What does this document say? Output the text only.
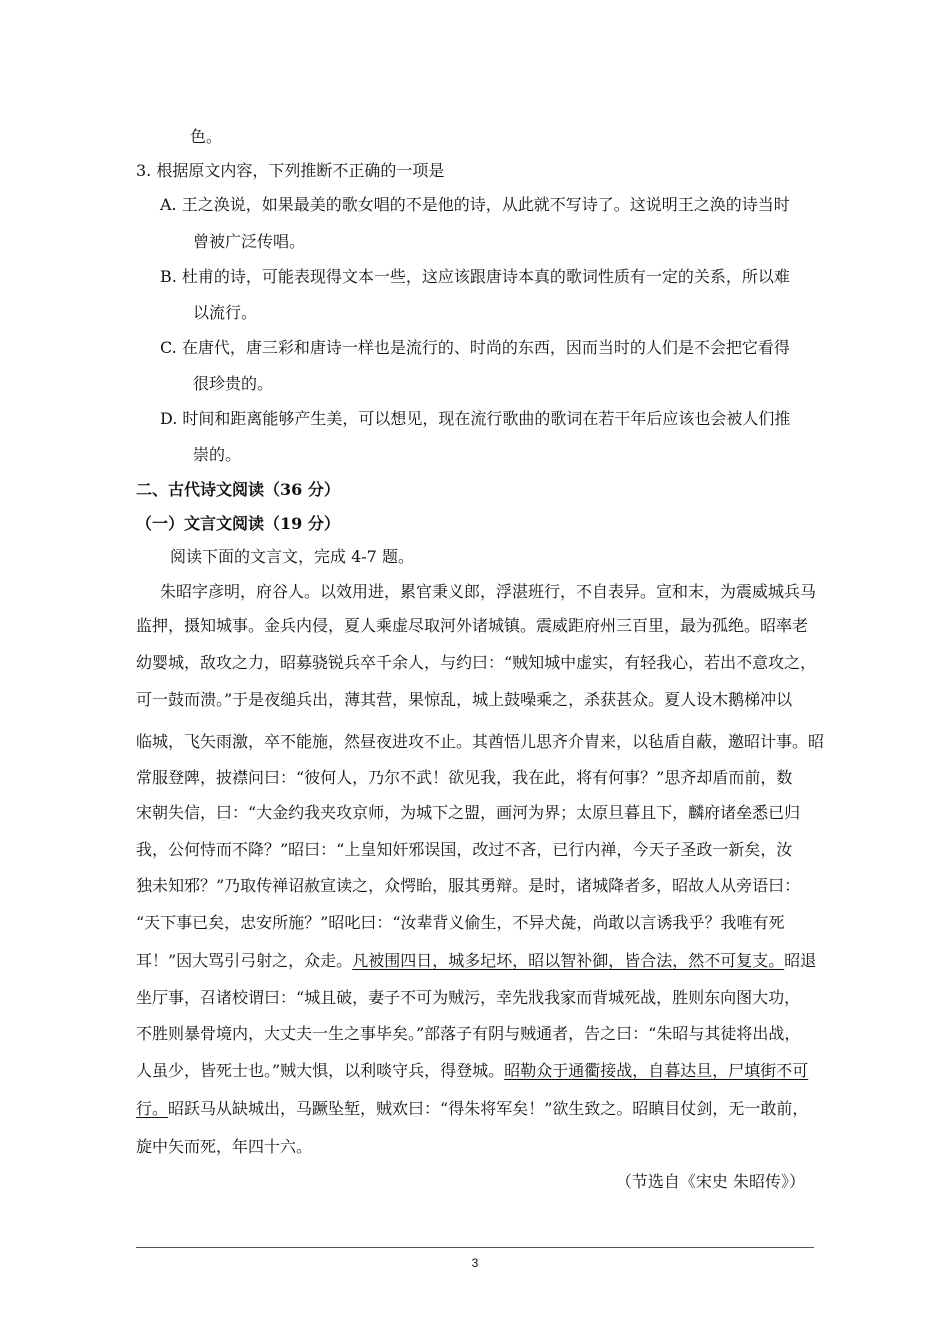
色。
3. 根据原文内容，下列推断不正确的一项是
A. 王之涣说，如果最美的歌女唱的不是他的诗，从此就不写诗了。这说明王之涣的诗当时
曾被广泛传唱。
B. 杜甫的诗，可能表现得文本一些，这应该跟唐诗本真的歌词性质有一定的关系，所以难
以流行。
C. 在唐代，唐三彩和唐诗一样也是流行的、时尚的东西，因而当时的人们是不会把它看得
很珍贵的。
D. 时间和距离能够产生美，可以想见，现在流行歌曲的歌词在若干年后应该也会被人们推
崇的。
二、古代诗文阅读（36 分）
（一）文言文阅读（19 分）
阅读下面的文言文，完成 4-7 题。
朱昭字彦明，府谷人。以效用进，累官秉义郎，浮湛班行，不自表异。宣和末，为震威城兵马
监押，摄知城事。金兵内侵，夏人乘虚尽取河外诸城镇。震威距府州三百里，最为孤绝。昭率老
幼婴城，敌攻之力，昭募骁锐兵卒千余人，与约曰：“贼知城中虚实，有轻我心，若出不意攻之，
可一鼓而溃。”于是夜缒兵出，薄其营，果惊乱，城上鼓噪乘之，杀获甚众。夏人设木鹅梯冲以
临城，飞矢雨激，卒不能施，然昼夜进攻不止。其酋悟儿思齐介胄来，以毡盾自蔽，邀昭计事。昭
常服登陴，披襟问曰：“彼何人，乃尔不武！欲见我，我在此，将有何事？”思齐却盾而前，数
宋朝失信，曰：“大金约我夹攻京师，为城下之盟，画河为界；太原旦暮且下，麟府诸垒悉已归
我，公何恃而不降？”昭曰：“上皇知奸邪误国，改过不吝，已行内禅，今天子圣政一新矣，汝
独未知邪？”乃取传禅诏赦宣读之，众愕眙，服其勇辩。是时，诸城降者多，昭故人从旁语曰：
“天下事已矣，忠安所施？”昭叱曰：“汝辈背义偷生，不异犬彘，尚敢以言诱我乎？我唯有死
耳！”因大骂引弓射之，众走。凡被围四日，城多圮坏，昭以智补御，皆合法，然不可复支。昭退
坐厅事，召诸校谓曰：“城且破，妻子不可为贼污，幸先戕我家而背城死战，胜则东向图大功，
不胜则暴骨境内，大丈夫一生之事毕矣。”部落子有阴与贼通者，告之曰：“朱昭与其徒将出战，
人虽少，皆死士也。”贼大惧，以利啖守兵，得登城。昭勒众于通衢接战，自暮达旦，尸填街不可
行。昭跃马从缺城出，马蹶坠堑，贼欢曰：“得朱将军矣！”欲生致之。昭瞋目仗剑，无一敢前，
旋中矢而死，年四十六。
（节选自《宋史 朱昭传》）
3
